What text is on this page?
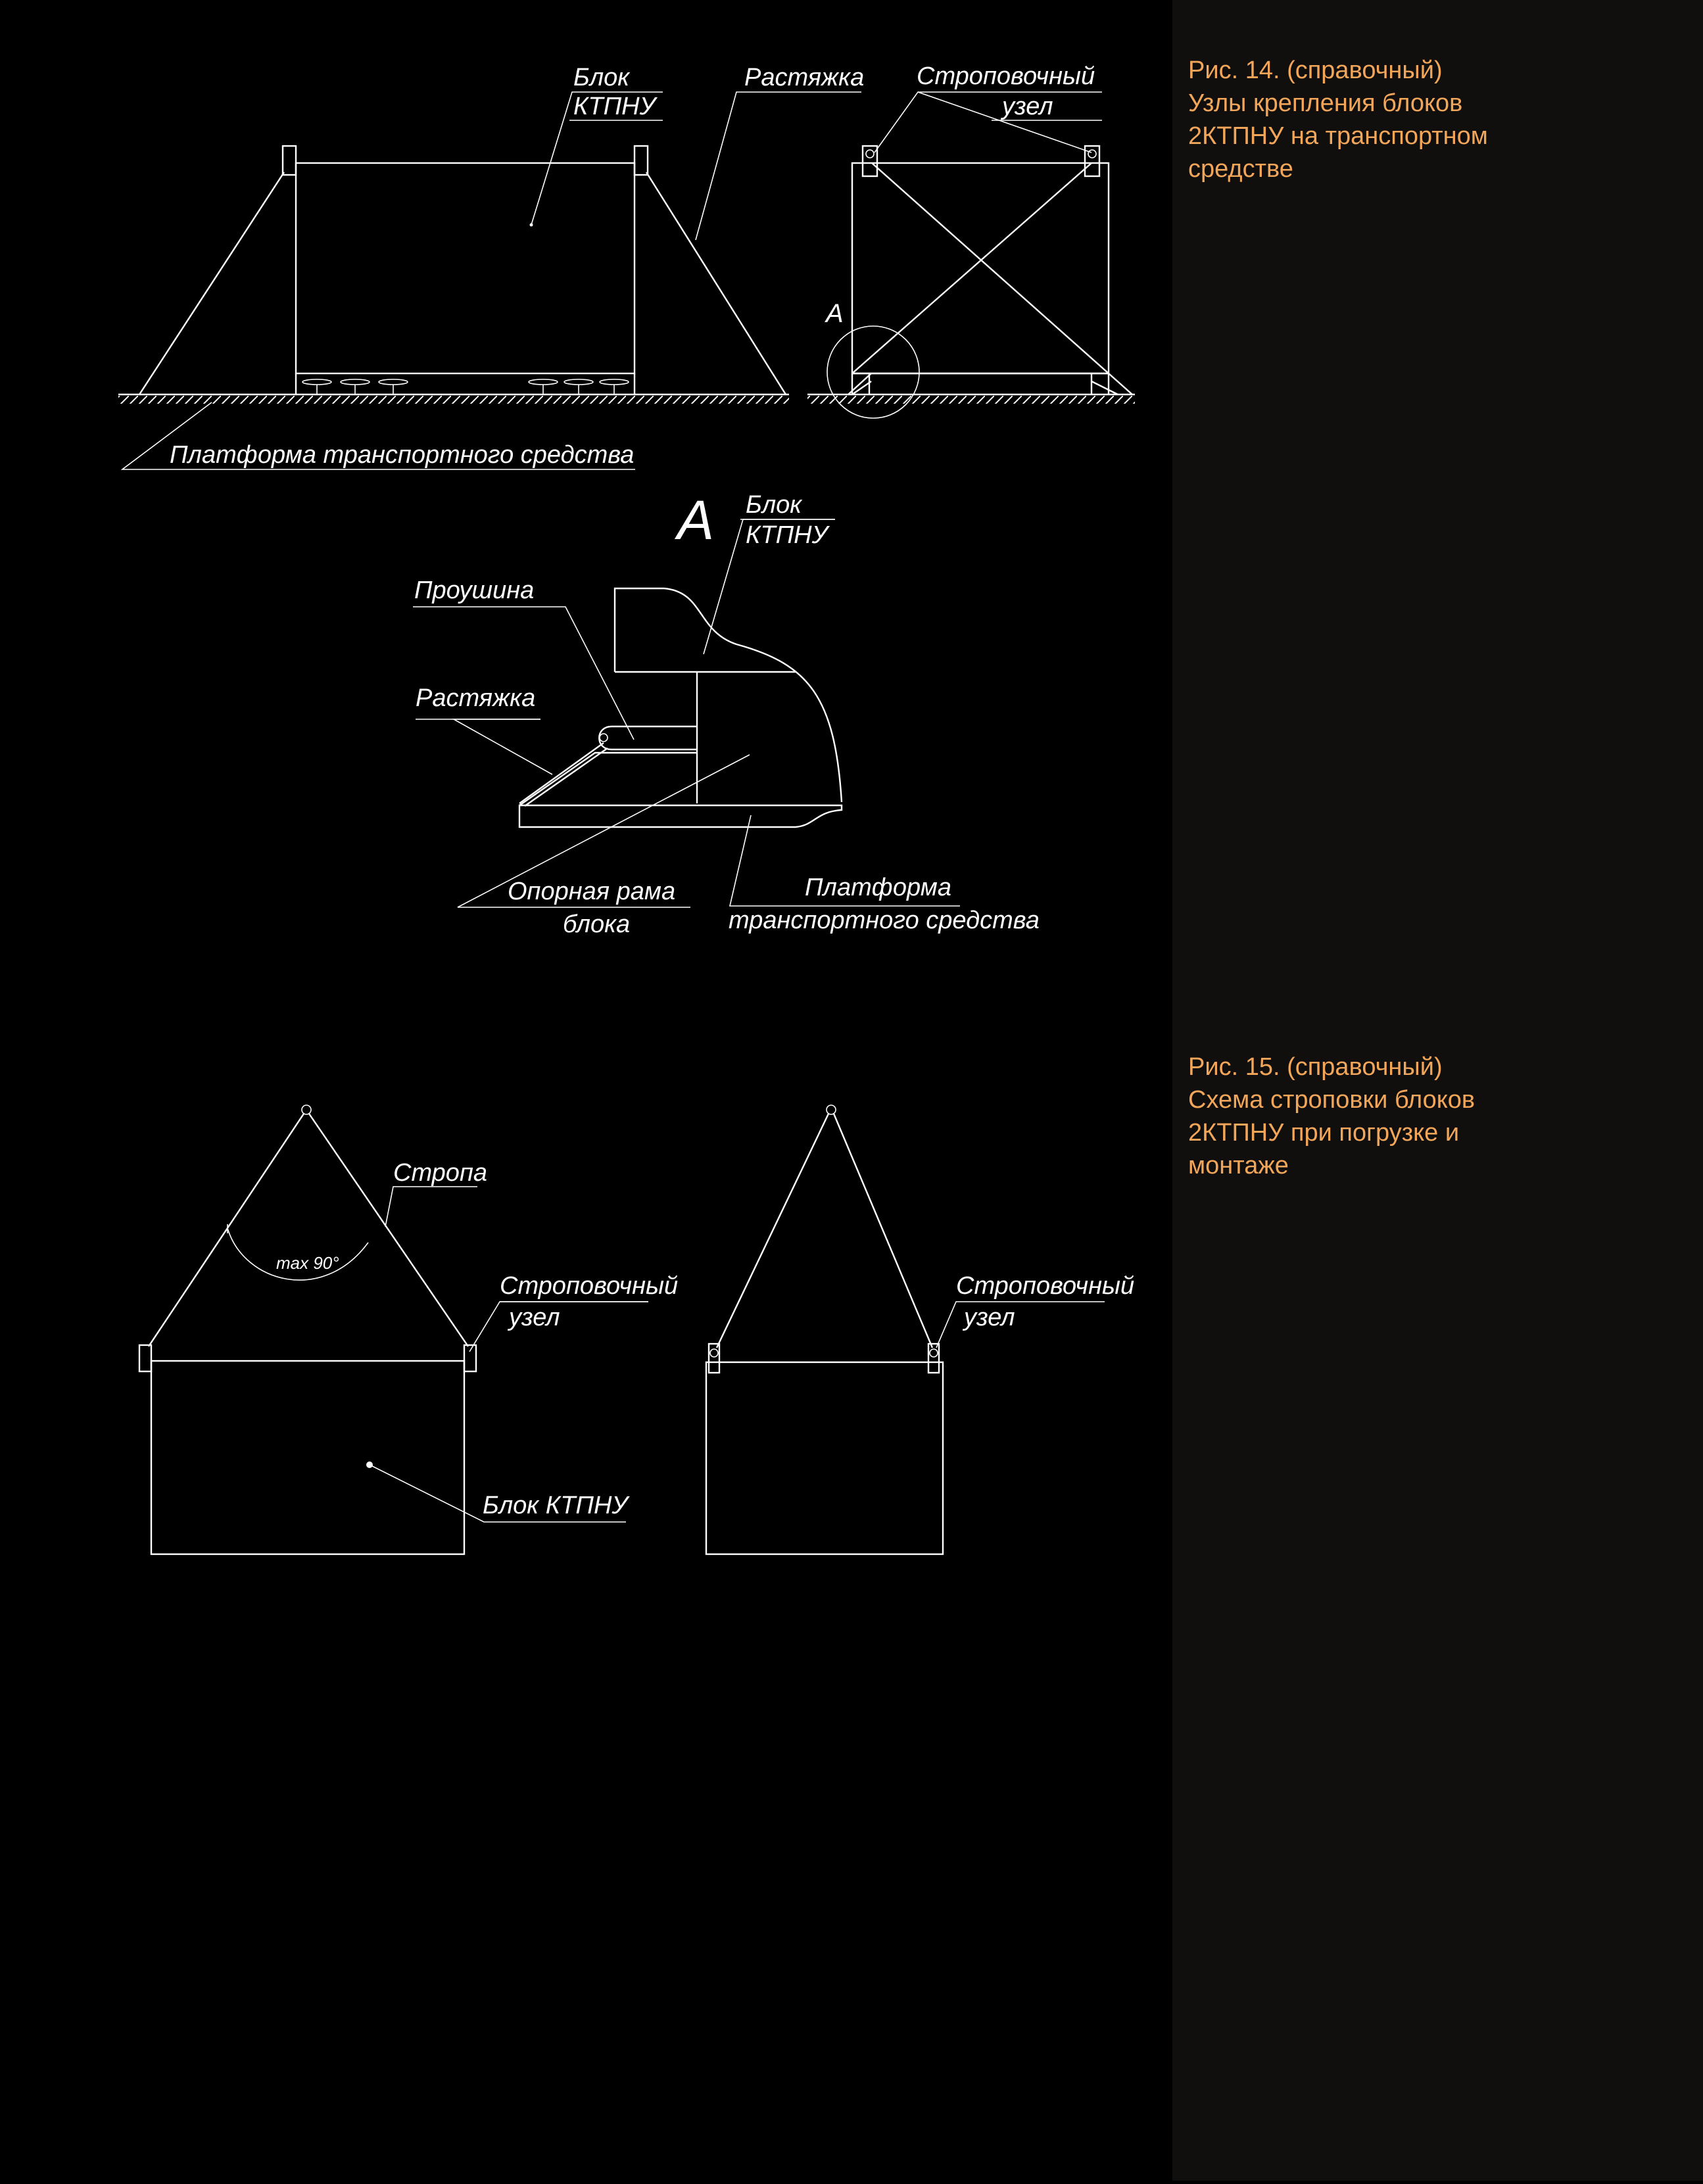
Блок
КТПНУ
Растяжка
Платформа транспортного средства
А
Строповочный
узел
А Блок
КТПНУ
Проушина
Растяжка
Опорная рама
блока
Платформа
транспортного средства
max 90°
Стропа
Строповочный
узел
Блок КТПНУ
Строповочный
узел
Рис. 14. (справочный)
Узлы крепления блоков
2КТПНУ на транспортном
средстве
Рис. 15. (справочный)
Схема строповки блоков
2КТПНУ при погрузке и
монтаже
